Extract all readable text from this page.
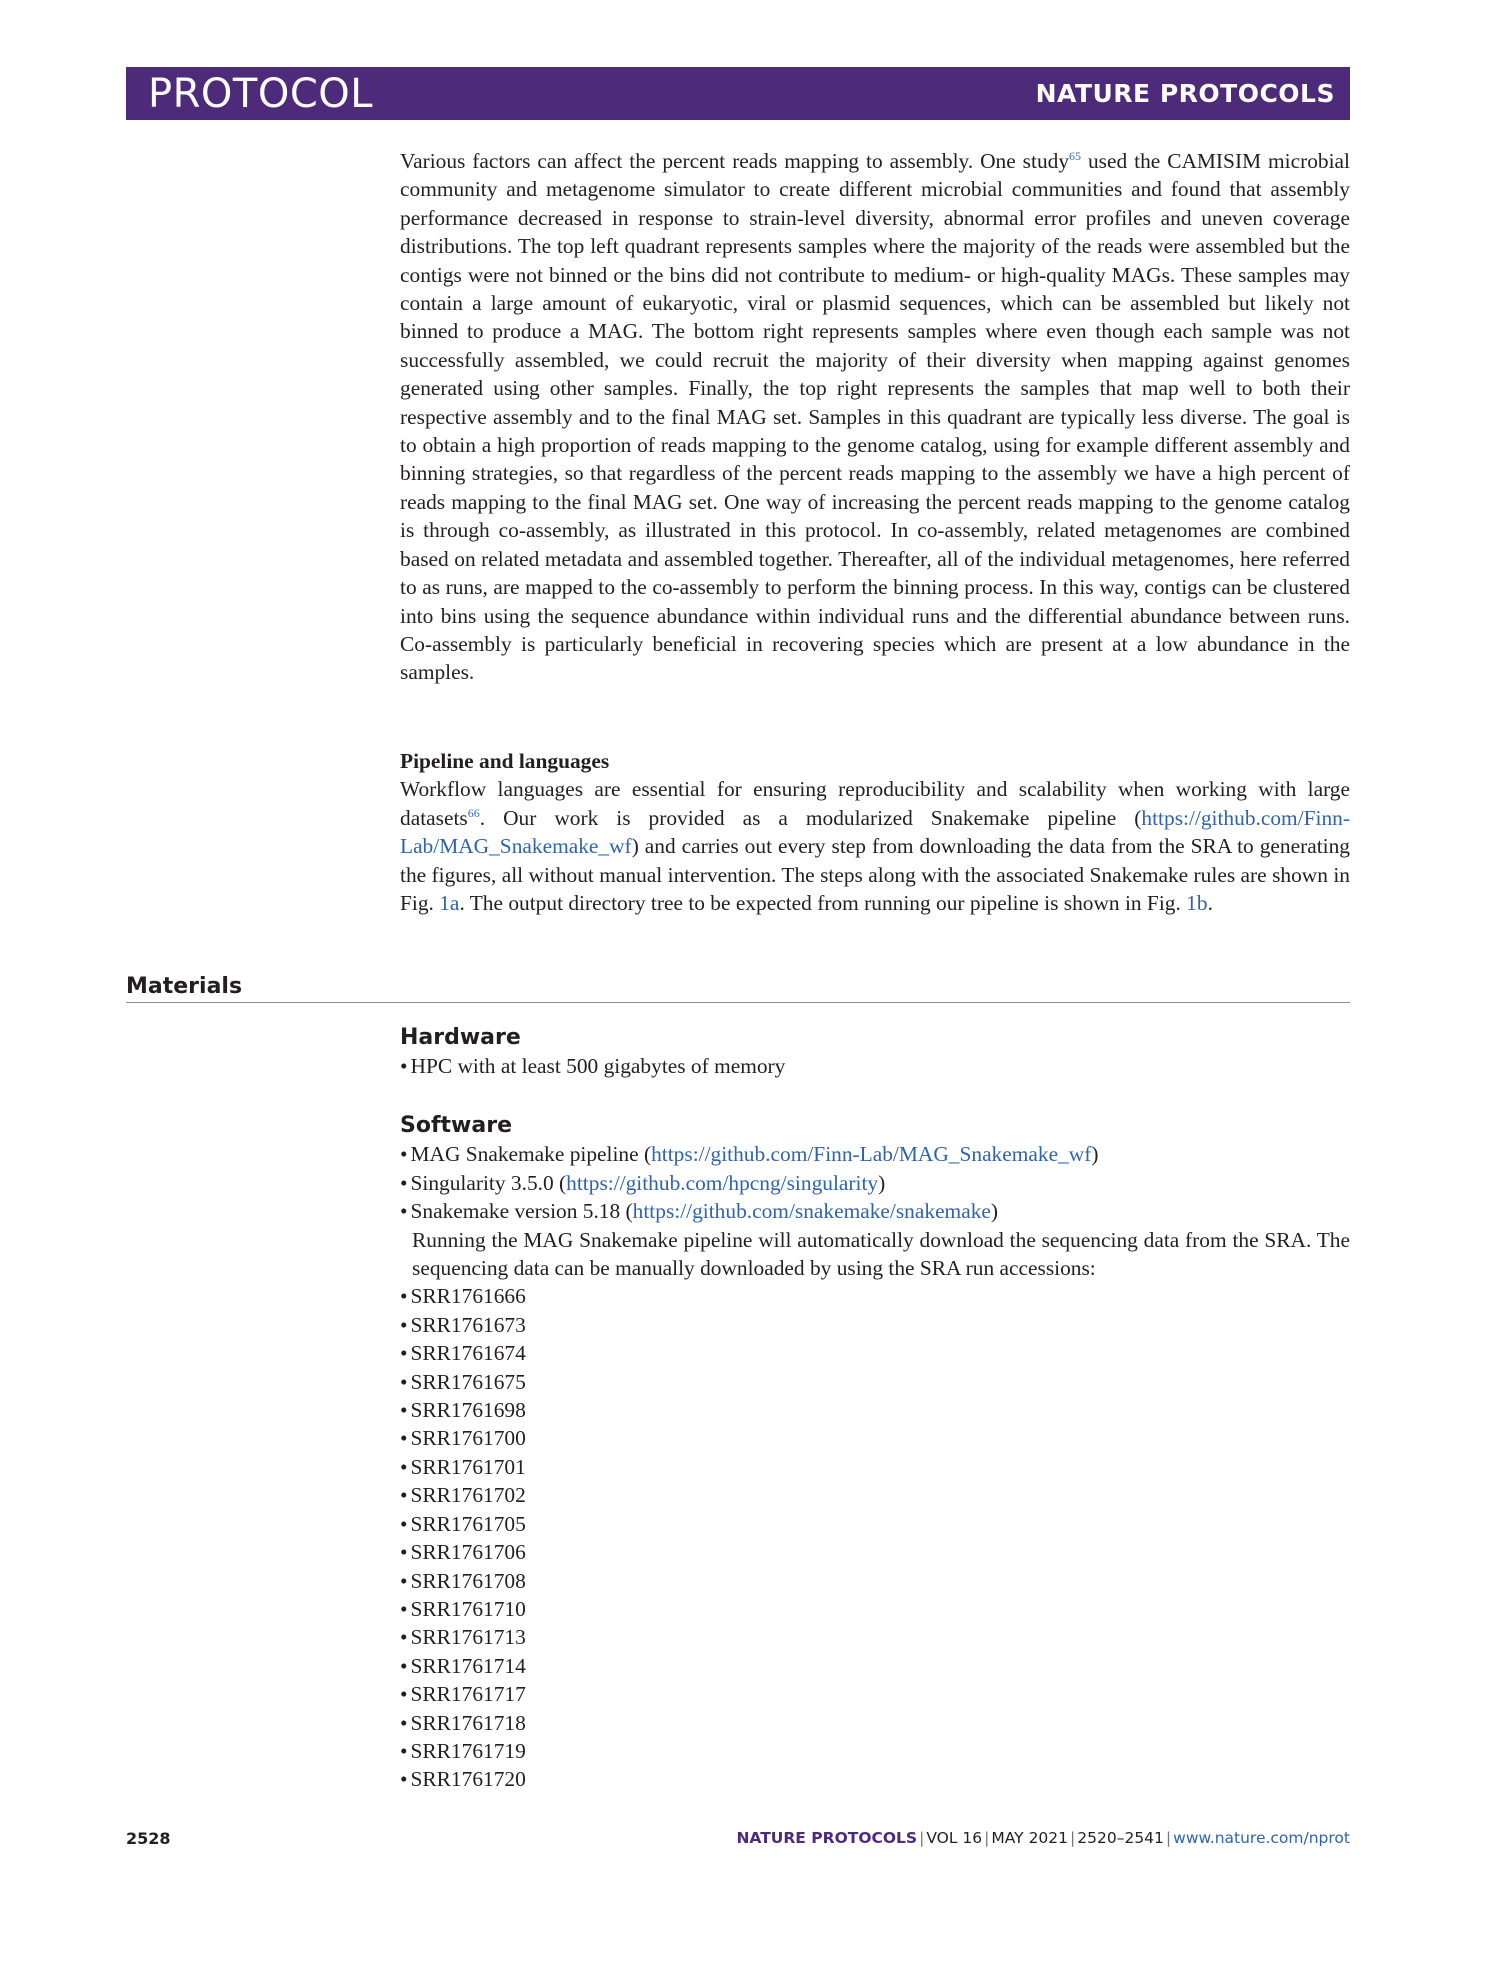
PROTOCOL	NATURE PROTOCOLS
Various factors can affect the percent reads mapping to assembly. One study$^{65}$ used the CAMISIM microbial community and metagenome simulator to create different microbial communities and found that assembly performance decreased in response to strain-level diversity, abnormal error profiles and uneven coverage distributions. The top left quadrant represents samples where the majority of the reads were assembled but the contigs were not binned or the bins did not contribute to medium- or high-quality MAGs. These samples may contain a large amount of eukaryotic, viral or plasmid sequences, which can be assembled but likely not binned to produce a MAG. The bottom right represents samples where even though each sample was not successfully assembled, we could recruit the majority of their diversity when mapping against genomes generated using other samples. Finally, the top right represents the samples that map well to both their respective assembly and to the final MAG set. Samples in this quadrant are typically less diverse. The goal is to obtain a high proportion of reads mapping to the genome catalog, using for example different assembly and binning strategies, so that regardless of the percent reads mapping to the assembly we have a high percent of reads mapping to the final MAG set. One way of increasing the percent reads mapping to the genome catalog is through co-assembly, as illustrated in this protocol. In co-assembly, related metagenomes are combined based on related metadata and assembled together. Thereafter, all of the individual metagenomes, here referred to as runs, are mapped to the co-assembly to perform the binning process. In this way, contigs can be clustered into bins using the sequence abundance within individual runs and the differential abundance between runs. Co-assembly is particularly beneficial in recovering species which are present at a low abundance in the samples.
Pipeline and languages
Workflow languages are essential for ensuring reproducibility and scalability when working with large datasets$^{66}$. Our work is provided as a modularized Snakemake pipeline (https://github.com/Finn-Lab/MAG_Snakemake_wf) and carries out every step from downloading the data from the SRA to generating the figures, all without manual intervention. The steps along with the associated Snakemake rules are shown in Fig. 1a. The output directory tree to be expected from running our pipeline is shown in Fig. 1b.
Materials
Hardware
• HPC with at least 500 gigabytes of memory
Software
• MAG Snakemake pipeline (https://github.com/Finn-Lab/MAG_Snakemake_wf)
• Singularity 3.5.0 (https://github.com/hpcng/singularity)
• Snakemake version 5.18 (https://github.com/snakemake/snakemake)
Running the MAG Snakemake pipeline will automatically download the sequencing data from the SRA. The sequencing data can be manually downloaded by using the SRA run accessions:
• SRR1761666
• SRR1761673
• SRR1761674
• SRR1761675
• SRR1761698
• SRR1761700
• SRR1761701
• SRR1761702
• SRR1761705
• SRR1761706
• SRR1761708
• SRR1761710
• SRR1761713
• SRR1761714
• SRR1761717
• SRR1761718
• SRR1761719
• SRR1761720
2528	NATURE PROTOCOLS | VOL 16 | MAY 2021 | 2520–2541 | www.nature.com/nprot
